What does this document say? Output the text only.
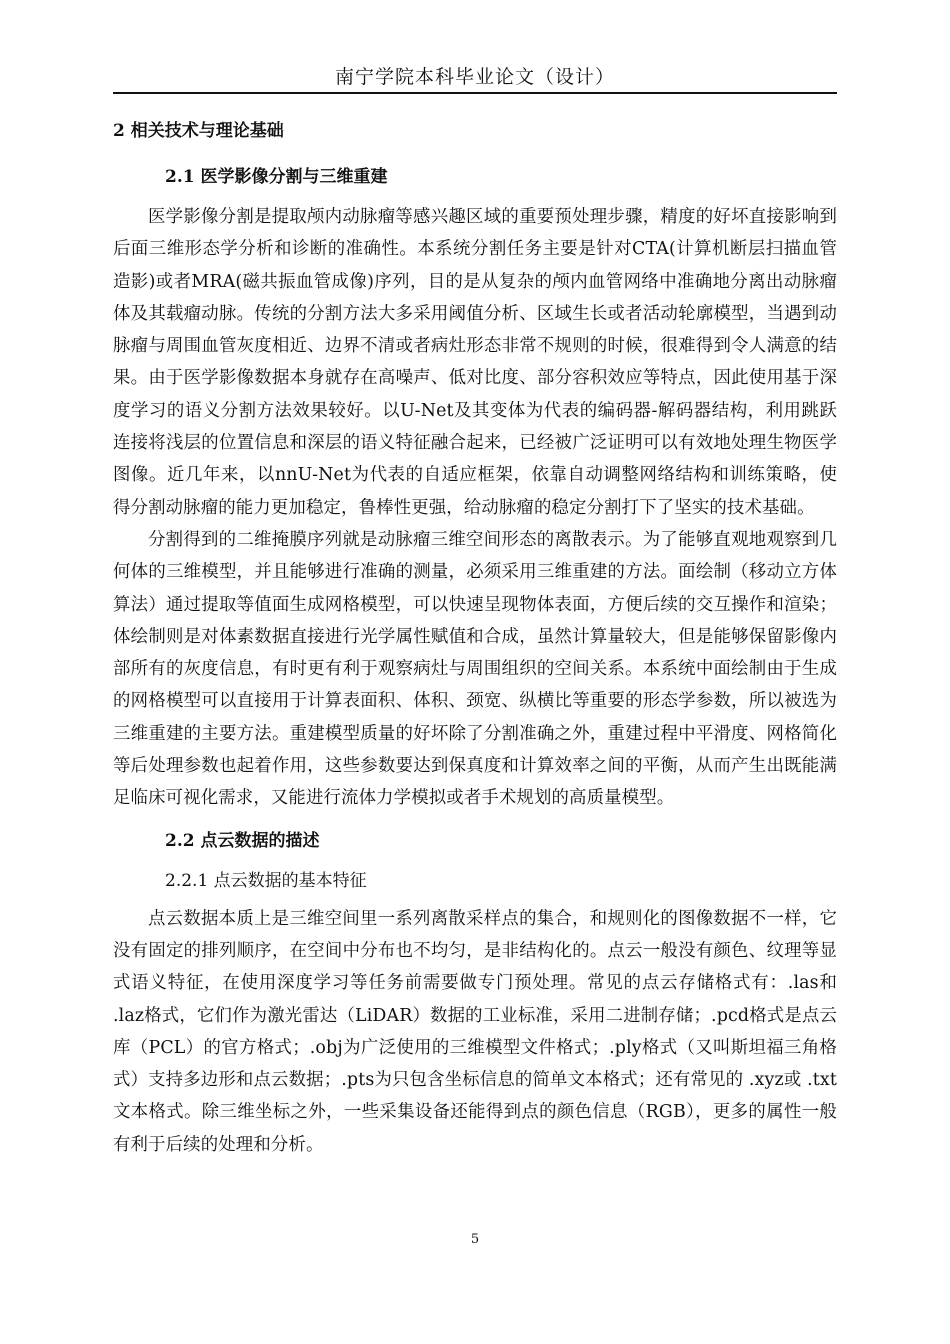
南宁学院本科毕业论文（设计）
2 相关技术与理论基础
2.1 医学影像分割与三维重建

医学影像分割是提取颅内动脉瘤等感兴趣区域的重要预处理步骤，精度的好坏直接影响到后面三维形态学分析和诊断的准确性。本系统分割任务主要是针对CTA(计算机断层扫描血管造影)或者MRA(磁共振血管成像)序列，目的是从复杂的颅内血管网络中准确地分离出动脉瘤体及其载瘤动脉。传统的分割方法大多采用阈值分析、区域生长或者活动轮廓模型，当遇到动脉瘤与周围血管灰度相近、边界不清或者病灶形态非常不规则的时候，很难得到令人满意的结果。由于医学影像数据本身就存在高噪声、低对比度、部分容积效应等特点，因此使用基于深度学习的语义分割方法效果较好。以U-Net及其变体为代表的编码器-解码器结构，利用跳跃连接将浅层的位置信息和深层的语义特征融合起来，已经被广泛证明可以有效地处理生物医学图像。近几年来，以nnU-Net为代表的自适应框架，依靠自动调整网络结构和训练策略，使得分割动脉瘤的能力更加稳定，鲁棒性更强，给动脉瘤的稳定分割打下了坚实的技术基础。

分割得到的二维掩膜序列就是动脉瘤三维空间形态的离散表示。为了能够直观地观察到几何体的三维模型，并且能够进行准确的测量，必须采用三维重建的方法。面绘制（移动立方体算法）通过提取等值面生成网格模型，可以快速呈现物体表面，方便后续的交互操作和渲染；体绘制则是对体素数据直接进行光学属性赋值和合成，虽然计算量较大，但是能够保留影像内部所有的灰度信息，有时更有利于观察病灶与周围组织的空间关系。本系统中面绘制由于生成的网格模型可以直接用于计算表面积、体积、颈宽、纵横比等重要的形态学参数，所以被选为三维重建的主要方法。重建模型质量的好坏除了分割准确之外，重建过程中平滑度、网格简化等后处理参数也起着作用，这些参数要达到保真度和计算效率之间的平衡，从而产生出既能满足临床可视化需求，又能进行流体力学模拟或者手术规划的高质量模型。

2.2 点云数据的描述
2.2.1 点云数据的基本特征

点云数据本质上是三维空间里一系列离散采样点的集合，和规则化的图像数据不一样，它没有固定的排列顺序，在空间中分布也不均匀，是非结构化的。点云一般没有颜色、纹理等显式语义特征，在使用深度学习等任务前需要做专门预处理。常见的点云存储格式有：.las和 .laz格式，它们作为激光雷达（LiDAR）数据的工业标准，采用二进制存储；.pcd格式是点云库（PCL）的官方格式；.obj为广泛使用的三维模型文件格式；.ply格式（又叫斯坦福三角格式）支持多边形和点云数据；.pts为只包含坐标信息的简单文本格式；还有常见的 .xyz或 .txt文本格式。除三维坐标之外，一些采集设备还能得到点的颜色信息（RGB），更多的属性一般有利于后续的处理和分析。

5
